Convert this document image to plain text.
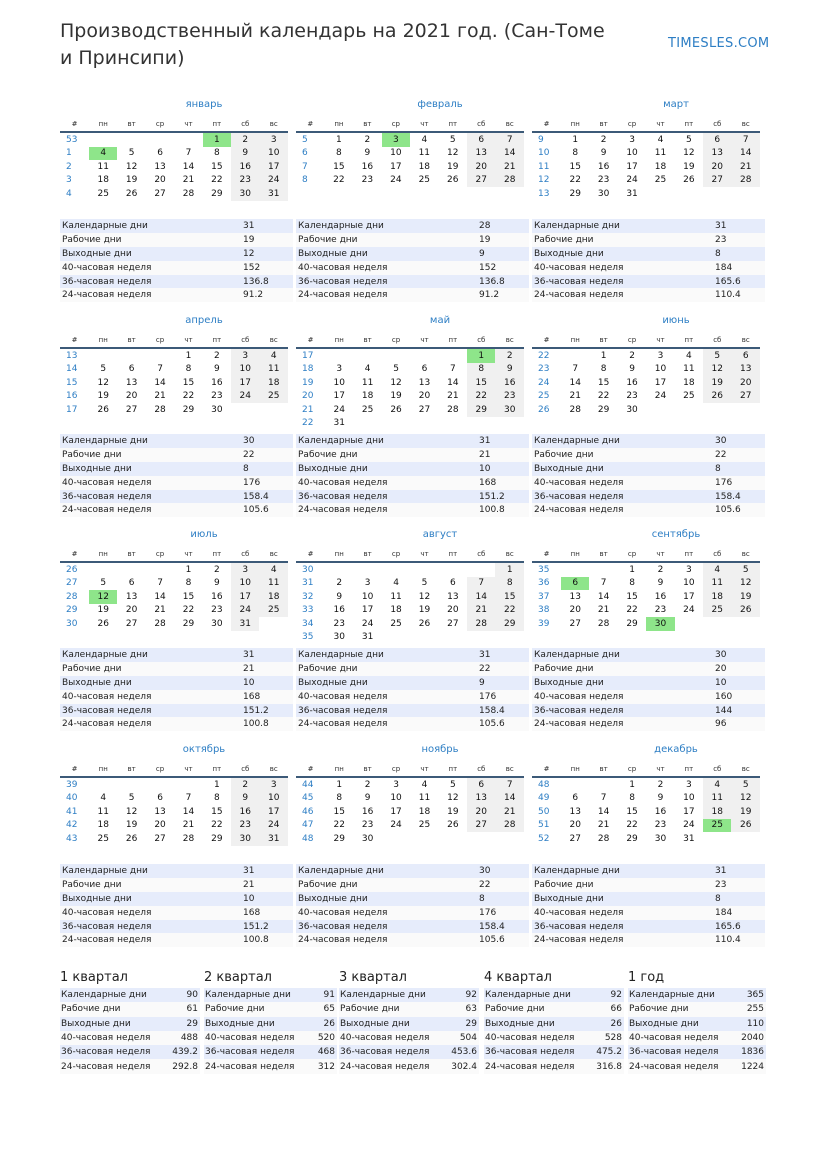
Производственный календарь на 2021 год. (Сан-Томе и Принсипи)
TIMESLES.COM
январь
#	пн	вт	ср	чт	пт	сб	вс
53					1	2	3
1	4	5	6	7	8	9	10
2	11	12	13	14	15	16	17
3	18	19	20	21	22	23	24
4	25	26	27	28	29	30	31
Календарные дни	31
Рабочие дни	19
Выходные дни	12
40-часовая неделя	152
36-часовая неделя	136.8
24-часовая неделя	91.2
февраль
#	пн	вт	ср	чт	пт	сб	вс
5	1	2	3	4	5	6	7
6	8	9	10	11	12	13	14
7	15	16	17	18	19	20	21
8	22	23	24	25	26	27	28
Календарные дни	28
Рабочие дни	19
Выходные дни	9
40-часовая неделя	152
36-часовая неделя	136.8
24-часовая неделя	91.2
март
#	пн	вт	ср	чт	пт	сб	вс
9	1	2	3	4	5	6	7
10	8	9	10	11	12	13	14
11	15	16	17	18	19	20	21
12	22	23	24	25	26	27	28
13	29	30	31				
Календарные дни	31
Рабочие дни	23
Выходные дни	8
40-часовая неделя	184
36-часовая неделя	165.6
24-часовая неделя	110.4
апрель
#	пн	вт	ср	чт	пт	сб	вс
13				1	2	3	4
14	5	6	7	8	9	10	11
15	12	13	14	15	16	17	18
16	19	20	21	22	23	24	25
17	26	27	28	29	30		
Календарные дни	30
Рабочие дни	22
Выходные дни	8
40-часовая неделя	176
36-часовая неделя	158.4
24-часовая неделя	105.6
май
#	пн	вт	ср	чт	пт	сб	вс
17						1	2
18	3	4	5	6	7	8	9
19	10	11	12	13	14	15	16
20	17	18	19	20	21	22	23
21	24	25	26	27	28	29	30
22	31						
Календарные дни	31
Рабочие дни	21
Выходные дни	10
40-часовая неделя	168
36-часовая неделя	151.2
24-часовая неделя	100.8
июнь
#	пн	вт	ср	чт	пт	сб	вс
22		1	2	3	4	5	6
23	7	8	9	10	11	12	13
24	14	15	16	17	18	19	20
25	21	22	23	24	25	26	27
26	28	29	30				
Календарные дни	30
Рабочие дни	22
Выходные дни	8
40-часовая неделя	176
36-часовая неделя	158.4
24-часовая неделя	105.6
июль
#	пн	вт	ср	чт	пт	сб	вс
26				1	2	3	4
27	5	6	7	8	9	10	11
28	12	13	14	15	16	17	18
29	19	20	21	22	23	24	25
30	26	27	28	29	30	31	
Календарные дни	31
Рабочие дни	21
Выходные дни	10
40-часовая неделя	168
36-часовая неделя	151.2
24-часовая неделя	100.8
август
#	пн	вт	ср	чт	пт	сб	вс
30							1
31	2	3	4	5	6	7	8
32	9	10	11	12	13	14	15
33	16	17	18	19	20	21	22
34	23	24	25	26	27	28	29
35	30	31					
Календарные дни	31
Рабочие дни	22
Выходные дни	9
40-часовая неделя	176
36-часовая неделя	158.4
24-часовая неделя	105.6
сентябрь
#	пн	вт	ср	чт	пт	сб	вс
35			1	2	3	4	5
36	6	7	8	9	10	11	12
37	13	14	15	16	17	18	19
38	20	21	22	23	24	25	26
39	27	28	29	30			
Календарные дни	30
Рабочие дни	20
Выходные дни	10
40-часовая неделя	160
36-часовая неделя	144
24-часовая неделя	96
октябрь
#	пн	вт	ср	чт	пт	сб	вс
39					1	2	3
40	4	5	6	7	8	9	10
41	11	12	13	14	15	16	17
42	18	19	20	21	22	23	24
43	25	26	27	28	29	30	31
Календарные дни	31
Рабочие дни	21
Выходные дни	10
40-часовая неделя	168
36-часовая неделя	151.2
24-часовая неделя	100.8
ноябрь
#	пн	вт	ср	чт	пт	сб	вс
44	1	2	3	4	5	6	7
45	8	9	10	11	12	13	14
46	15	16	17	18	19	20	21
47	22	23	24	25	26	27	28
48	29	30					
Календарные дни	30
Рабочие дни	22
Выходные дни	8
40-часовая неделя	176
36-часовая неделя	158.4
24-часовая неделя	105.6
декабрь
#	пн	вт	ср	чт	пт	сб	вс
48			1	2	3	4	5
49	6	7	8	9	10	11	12
50	13	14	15	16	17	18	19
51	20	21	22	23	24	25	26
52	27	28	29	30	31		
Календарные дни	31
Рабочие дни	23
Выходные дни	8
40-часовая неделя	184
36-часовая неделя	165.6
24-часовая неделя	110.4
1 квартал
Календарные дни	90
Рабочие дни	61
Выходные дни	29
40-часовая неделя	488
36-часовая неделя	439.2
24-часовая неделя	292.8
2 квартал
Календарные дни	91
Рабочие дни	65
Выходные дни	26
40-часовая неделя	520
36-часовая неделя	468
24-часовая неделя	312
3 квартал
Календарные дни	92
Рабочие дни	63
Выходные дни	29
40-часовая неделя	504
36-часовая неделя	453.6
24-часовая неделя	302.4
4 квартал
Календарные дни	92
Рабочие дни	66
Выходные дни	26
40-часовая неделя	528
36-часовая неделя	475.2
24-часовая неделя	316.8
1 год
Календарные дни	365
Рабочие дни	255
Выходные дни	110
40-часовая неделя	2040
36-часовая неделя	1836
24-часовая неделя	1224
